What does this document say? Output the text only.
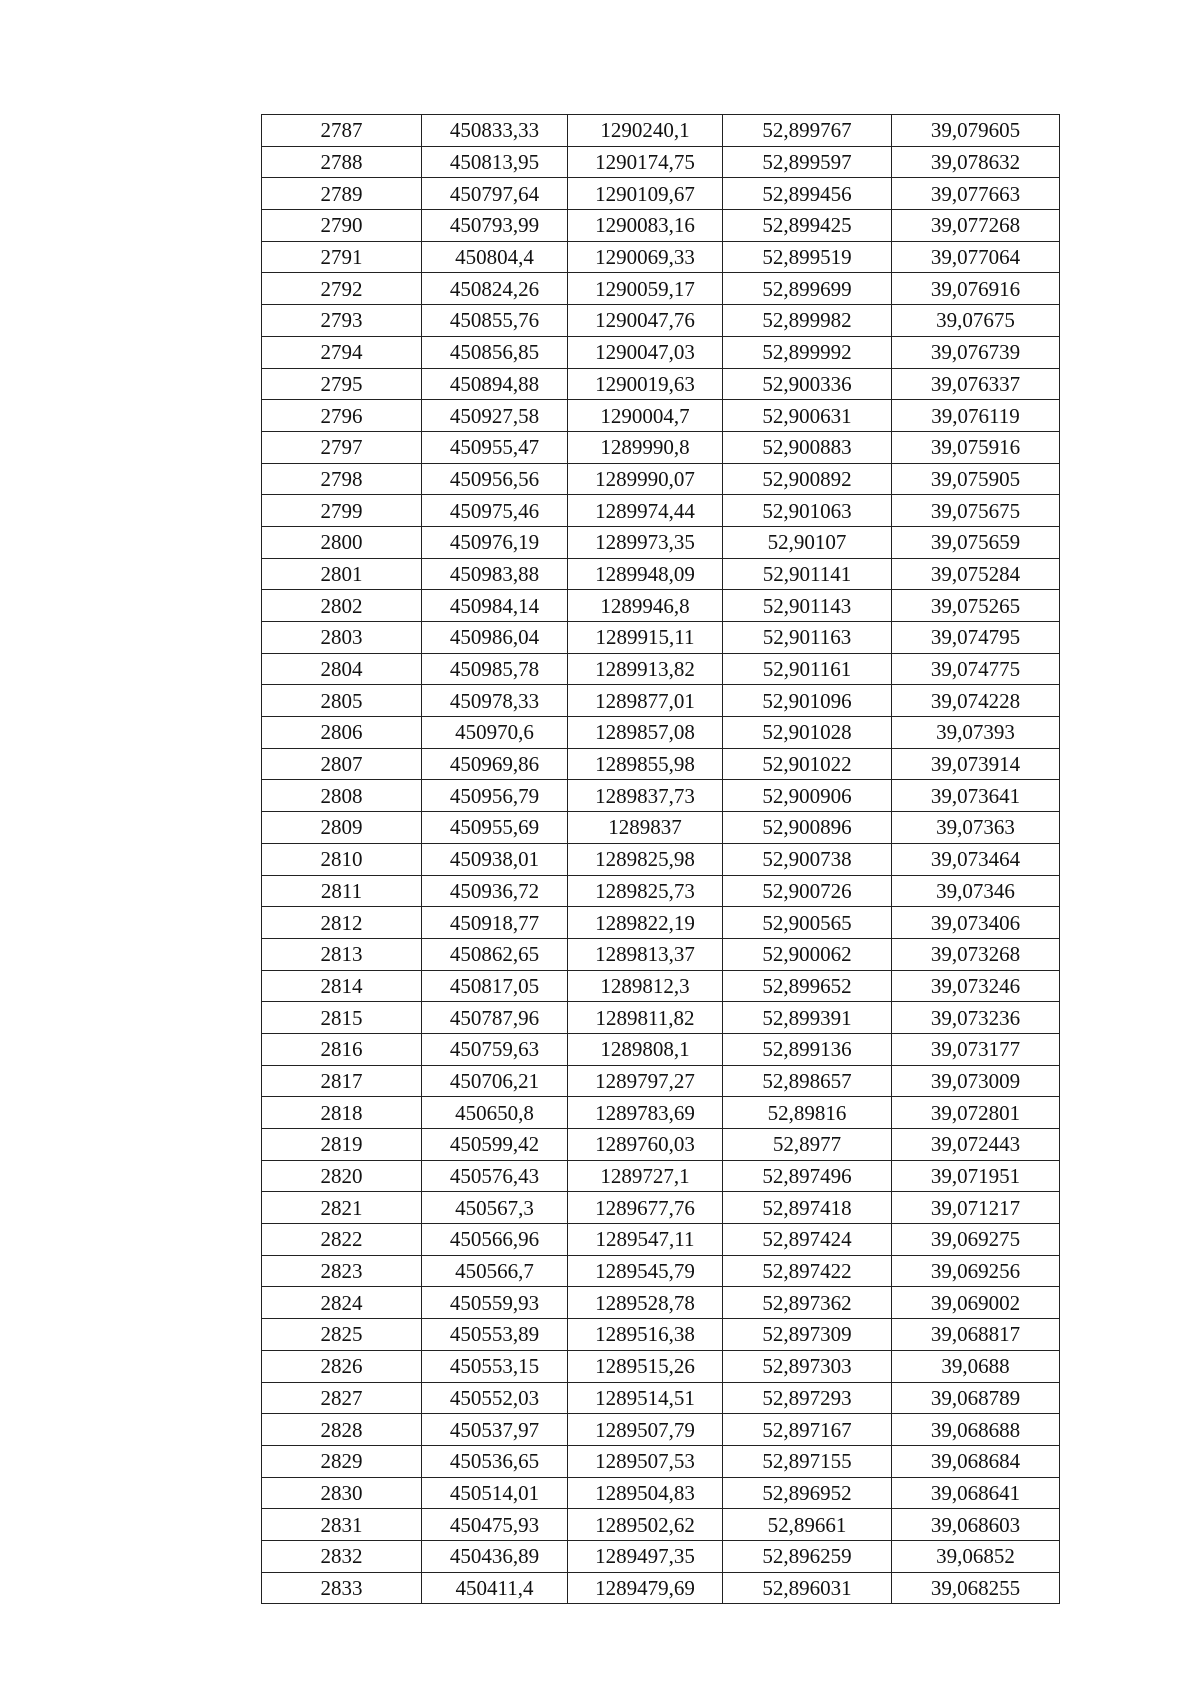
2787	450833,33	1290240,1	52,899767	39,079605
2788	450813,95	1290174,75	52,899597	39,078632
2789	450797,64	1290109,67	52,899456	39,077663
2790	450793,99	1290083,16	52,899425	39,077268
2791	450804,4	1290069,33	52,899519	39,077064
2792	450824,26	1290059,17	52,899699	39,076916
2793	450855,76	1290047,76	52,899982	39,07675
2794	450856,85	1290047,03	52,899992	39,076739
2795	450894,88	1290019,63	52,900336	39,076337
2796	450927,58	1290004,7	52,900631	39,076119
2797	450955,47	1289990,8	52,900883	39,075916
2798	450956,56	1289990,07	52,900892	39,075905
2799	450975,46	1289974,44	52,901063	39,075675
2800	450976,19	1289973,35	52,90107	39,075659
2801	450983,88	1289948,09	52,901141	39,075284
2802	450984,14	1289946,8	52,901143	39,075265
2803	450986,04	1289915,11	52,901163	39,074795
2804	450985,78	1289913,82	52,901161	39,074775
2805	450978,33	1289877,01	52,901096	39,074228
2806	450970,6	1289857,08	52,901028	39,07393
2807	450969,86	1289855,98	52,901022	39,073914
2808	450956,79	1289837,73	52,900906	39,073641
2809	450955,69	1289837	52,900896	39,07363
2810	450938,01	1289825,98	52,900738	39,073464
2811	450936,72	1289825,73	52,900726	39,07346
2812	450918,77	1289822,19	52,900565	39,073406
2813	450862,65	1289813,37	52,900062	39,073268
2814	450817,05	1289812,3	52,899652	39,073246
2815	450787,96	1289811,82	52,899391	39,073236
2816	450759,63	1289808,1	52,899136	39,073177
2817	450706,21	1289797,27	52,898657	39,073009
2818	450650,8	1289783,69	52,89816	39,072801
2819	450599,42	1289760,03	52,8977	39,072443
2820	450576,43	1289727,1	52,897496	39,071951
2821	450567,3	1289677,76	52,897418	39,071217
2822	450566,96	1289547,11	52,897424	39,069275
2823	450566,7	1289545,79	52,897422	39,069256
2824	450559,93	1289528,78	52,897362	39,069002
2825	450553,89	1289516,38	52,897309	39,068817
2826	450553,15	1289515,26	52,897303	39,0688
2827	450552,03	1289514,51	52,897293	39,068789
2828	450537,97	1289507,79	52,897167	39,068688
2829	450536,65	1289507,53	52,897155	39,068684
2830	450514,01	1289504,83	52,896952	39,068641
2831	450475,93	1289502,62	52,89661	39,068603
2832	450436,89	1289497,35	52,896259	39,06852
2833	450411,4	1289479,69	52,896031	39,068255
